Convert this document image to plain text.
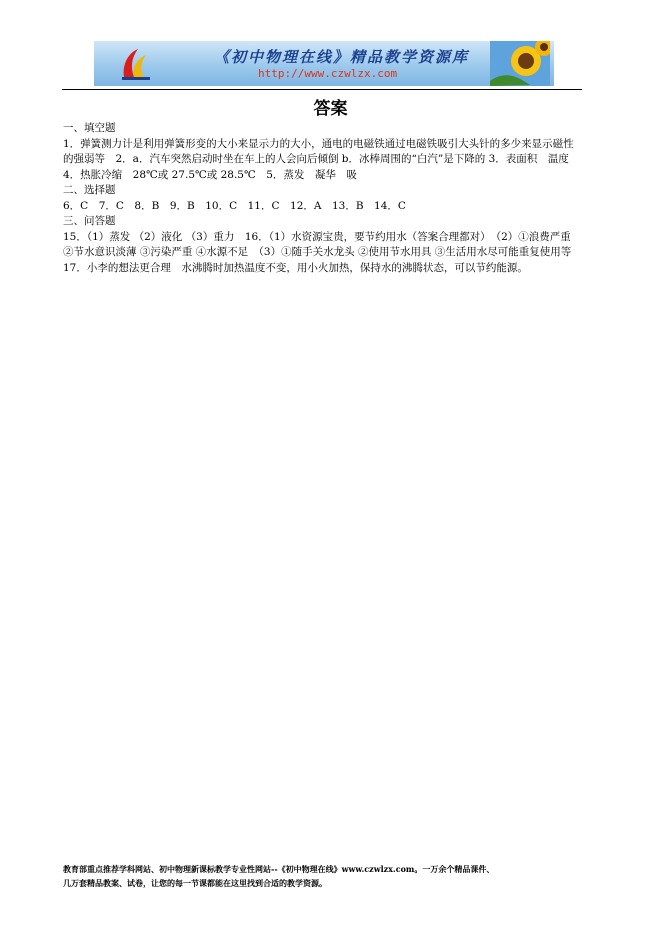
《初中物理在线》精品教学资源库
http://www.czwlzx.com
答案

一、填空题

1．弹簧测力计是利用弹簧形变的大小来显示力的大小，通电的电磁铁通过电磁铁吸引大头针的多少来显示磁性的强弱等　2．a．汽车突然启动时坐在车上的人会向后倾倒 b．冰棒周围的“白汽”是下降的 3．表面积　温度　 4．热胀冷缩　28℃或 27.5℃或 28.5℃　5．蒸发　凝华　吸

二、选择题

6．C　7．C　8．B　9．B　10．C　11．C　12．A　13．B　14．C

三、问答题

15．（1）蒸发 （2）液化 （3）重力　16．（1）水资源宝贵，要节约用水（答案合理都对）　（2）①浪费严重 ②节水意识淡薄 ③污染严重 ④水源不足　（3）①随手关水龙头 ②使用节水用具 ③生活用水尽可能重复使用等　17．小李的想法更合理　水沸腾时加热温度不变，用小火加热，保持水的沸腾状态，可以节约能源。

教育部重点推荐学科网站、初中物理新课标教学专业性网站--《初中物理在线》www.czwlzx.com。一万余个精品课件、

几万套精品教案、试卷，让您的每一节课都能在这里找到合适的教学资源。
